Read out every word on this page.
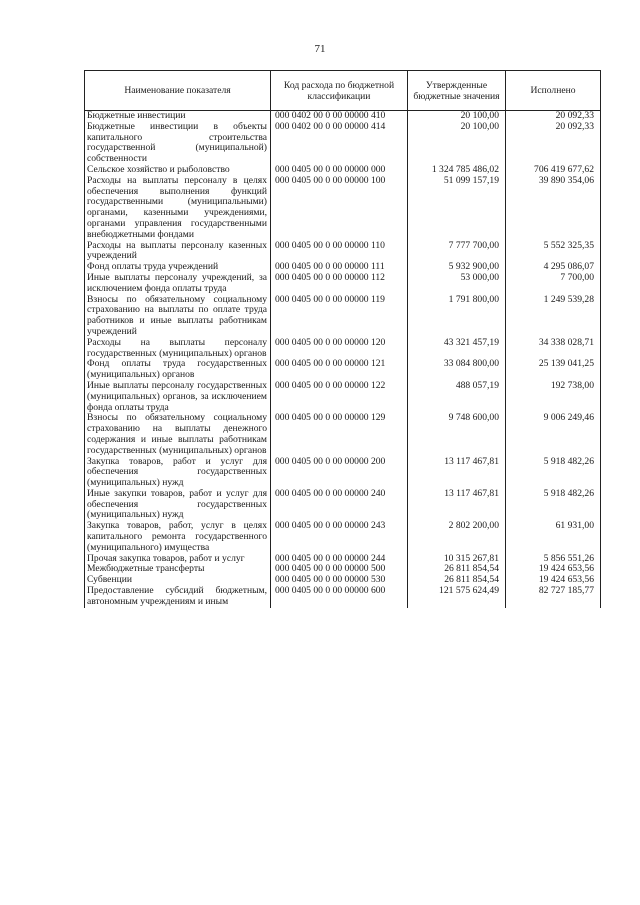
71
Наименование показателя	Код расхода по бюджетной классификации	Утвержденные бюджетные значения	Исполнено
Бюджетные инвестиции	000 0402 00 0 00 00000 410	20 100,00	20 092,33
Бюджетные инвестиции в объекты капитального строительства государственной (муниципальной) собственности	000 0402 00 0 00 00000 414	20 100,00	20 092,33
Сельское хозяйство и рыболовство	000 0405 00 0 00 00000 000	1 324 785 486,02	706 419 677,62
Расходы на выплаты персоналу в целях обеспечения выполнения функций государственными (муниципальными) органами, казенными учреждениями, органами управления государственными внебюджетными фондами	000 0405 00 0 00 00000 100	51 099 157,19	39 890 354,06
Расходы на выплаты персоналу казенных учреждений	000 0405 00 0 00 00000 110	7 777 700,00	5 552 325,35
Фонд оплаты труда учреждений	000 0405 00 0 00 00000 111	5 932 900,00	4 295 086,07
Иные выплаты персоналу учреждений, за исключением фонда оплаты труда	000 0405 00 0 00 00000 112	53 000,00	7 700,00
Взносы по обязательному социальному страхованию на выплаты по оплате труда работников и иные выплаты работникам учреждений	000 0405 00 0 00 00000 119	1 791 800,00	1 249 539,28
Расходы на выплаты персоналу государственных (муниципальных) органов	000 0405 00 0 00 00000 120	43 321 457,19	34 338 028,71
Фонд оплаты труда государственных (муниципальных) органов	000 0405 00 0 00 00000 121	33 084 800,00	25 139 041,25
Иные выплаты персоналу государственных (муниципальных) органов, за исключением фонда оплаты труда	000 0405 00 0 00 00000 122	488 057,19	192 738,00
Взносы по обязательному социальному страхованию на выплаты денежного содержания и иные выплаты работникам государственных (муниципальных) органов	000 0405 00 0 00 00000 129	9 748 600,00	9 006 249,46
Закупка товаров, работ и услуг для обеспечения государственных (муниципальных) нужд	000 0405 00 0 00 00000 200	13 117 467,81	5 918 482,26
Иные закупки товаров, работ и услуг для обеспечения государственных (муниципальных) нужд	000 0405 00 0 00 00000 240	13 117 467,81	5 918 482,26
Закупка товаров, работ, услуг в целях капитального ремонта государственного (муниципального) имущества	000 0405 00 0 00 00000 243	2 802 200,00	61 931,00
Прочая закупка товаров, работ и услуг	000 0405 00 0 00 00000 244	10 315 267,81	5 856 551,26
Межбюджетные трансферты	000 0405 00 0 00 00000 500	26 811 854,54	19 424 653,56
Субвенции	000 0405 00 0 00 00000 530	26 811 854,54	19 424 653,56
Предоставление субсидий бюджетным, автономным учреждениям и иным	000 0405 00 0 00 00000 600	121 575 624,49	82 727 185,77
